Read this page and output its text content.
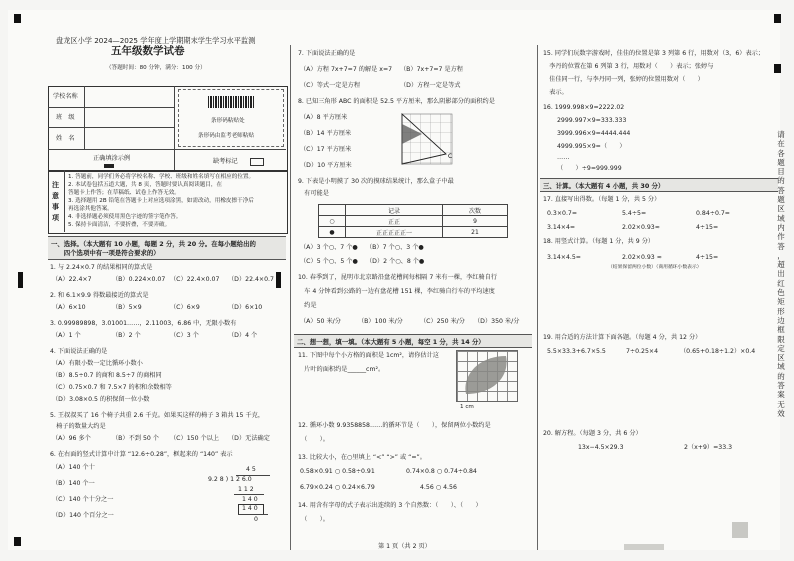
盘龙区小学 2024—2025 学年度上学期期末学生学习水平监测
五年级数学试卷
（答题时间：80 分钟，满分：100 分）
学校名称
班　级
姓　名
条形码粘贴处
条形码由监考老师粘贴
正确填涂示例	缺考标记
注意事项
1. 答题前，同学们务必将学校名称、学校、班级和姓名填写在相应的位置。
2. 本试卷包括五道大题，共 8 页，答题时要认真阅读题目，在
答题卡上作答；在草稿纸、试卷上作答无效。
3. 选择题用 2B 铅笔在答题卡上对应选项涂黑，如需改动，用橡皮擦干净后
再选涂其他答案。
4. 非选择题必须使用黑色字迹的签字笔作答。
5. 保持卡面清洁，不要折叠，不要弄破。
一、选择。（本大题有 10 小题，每题 2 分，共 20 分。在每小题给出的
　　四个选项中有一项是符合要求的）
1. 与 2.24×0.7 的结果相同的算式是
（A）22.4×7	（B）0.224×0.07 （C）22.4×0.07 （D）22.4×0.7
2. 和 6.1×9.9 得数最接近的算式是
（A）6×10	（B）5×9	（C）6×9	（D）6×10
3. 0.99989898，3.01001……，2.11003，6.8̇6̇ 中，无限小数有
（A）1 个	（B）2 个	（C）3 个	（D）4 个
4. 下面说法正确的是
（A）有限小数一定比循环小数小
（B）8.5÷0.7 的商和 8.5÷7 的商相同
（C）0.75×0.7 和 7.5×7 的积和余数相等
（D）3.08×0.5 的积保留一位小数
5. 王叔叔买了 16 个椅子共重 2.6 千克。如果买这样的椅子 3 箱共 15 千克，
　椅子的数量大约是
（A）96 多个	（B）不到 50 个 （C）150 个以上 （D）无法确定
6. 在右面的竖式计算中计算 “12.6÷0.28”，框起来的 “140” 表示
（A）140 个十
（B）140 个一
（C）140 个十分之一
（D）140 个百分之一
4 5
9.2 8 ) 1 2 6.0
1 1 2
1 4 0
1 4 0
0
7. 下面说法正确的是
（A）方程 7x+7=7 的解是 x=7 （B）7x+7=7 是方程
（C）等式一定是方程	（D）方程一定是等式
8. 已知三角形 ABC 的面积是 52.5 平方厘米，那么阴影部分的面积约是
（A）8 平方厘米
（B）14 平方厘米
（C）17 平方厘米
（D）10 平方厘米
C
9. 下表是小明摸了 30 次的摸球结果统计，那么盒子中最
　有可能是
	记录	次数
○	正正	9
●	正正正正正一	21
（A）3 个○、7 个● （B）7 个○、3 个●
（C）5 个○、5 个● （D）2 个○、8 个●
10. 春季到了，昆明市北京路沿盘花槽间每相隔 7 米有一棵，李红骑自行
　车 4 分钟看到公路的一边有盘花槽 151 棵，李红骑自行车的平均速度
　约是
（A）50 米/分	（B）100 米/分	（C）250 米/分 （D）350 米/分
二、想一想，填一填。（本大题有 5 小题，每空 1 分，共 14 分）
11. 下图中每个小方格的面积是 1cm²，请你估计这
　片叶的面积约是______cm²。
1 cm
12. 循环小数 9.9358858……的循环节是（　　），保留两位小数约是
　（　　）。
13. 比较大小，在○里填上 “<” “>” 或 “=”。
0.58×0.91 ○ 0.58÷0.91	0.74×0.8 ○ 0.74÷0.84
6.79×0.24 ○ 0.24×6.79	4.56 ○ 4.5̇6̇
14. 用含有字母的式子表示出连续的 3 个自然数：（　　）、（　　）
　（　　）。
15. 同学们玩数字游戏时，佳佳的位置是第 3 列第 6 行，用数对（3，6）表示；
　李丹的位置在第 6 列第 3 行，用数对（　　）表示；张婷与
　佳佳同一行，与李丹同一列，张婷的位置用数对（　　）
　表示。
16. 1999.998×9=2222.02
2999.997×9=333.333
3999.996×9=4444.444
4999.995×9=（　　）
……
（　　）÷9=999.999
三、计算。（本大题有 4 小题，共 30 分）
17. 直接写出得数。（每题 1 分，共 5 分）
0.3×0.7=	5.4÷5=	0.84÷0.7=
3.14×4=	2.02×0.93≈	4÷15=
18. 用竖式计算。（每题 1 分，共 9 分）
3.14×4.5=	2.02×0.93 ≈	4÷15=
（结果保留两位小数）（商用循环小数表示）
19. 用合适的方法计算下面各题。（每题 4 分，共 12 分）
5.5×33.3+6.7×5.5	7÷0.25×4	（0.65+0.18÷1.2）×0.4
20. 解方程。（每题 3 分，共 6 分）
13x−4.5×29.3	2（x+9）=33.3
第 1 页（共 2 页）
请
在
各
题
目
的
答
题
区
域
内
作
答
，
超
出
红
色
矩
形
边
框
限
定
区
域
的
答
案
无
效
